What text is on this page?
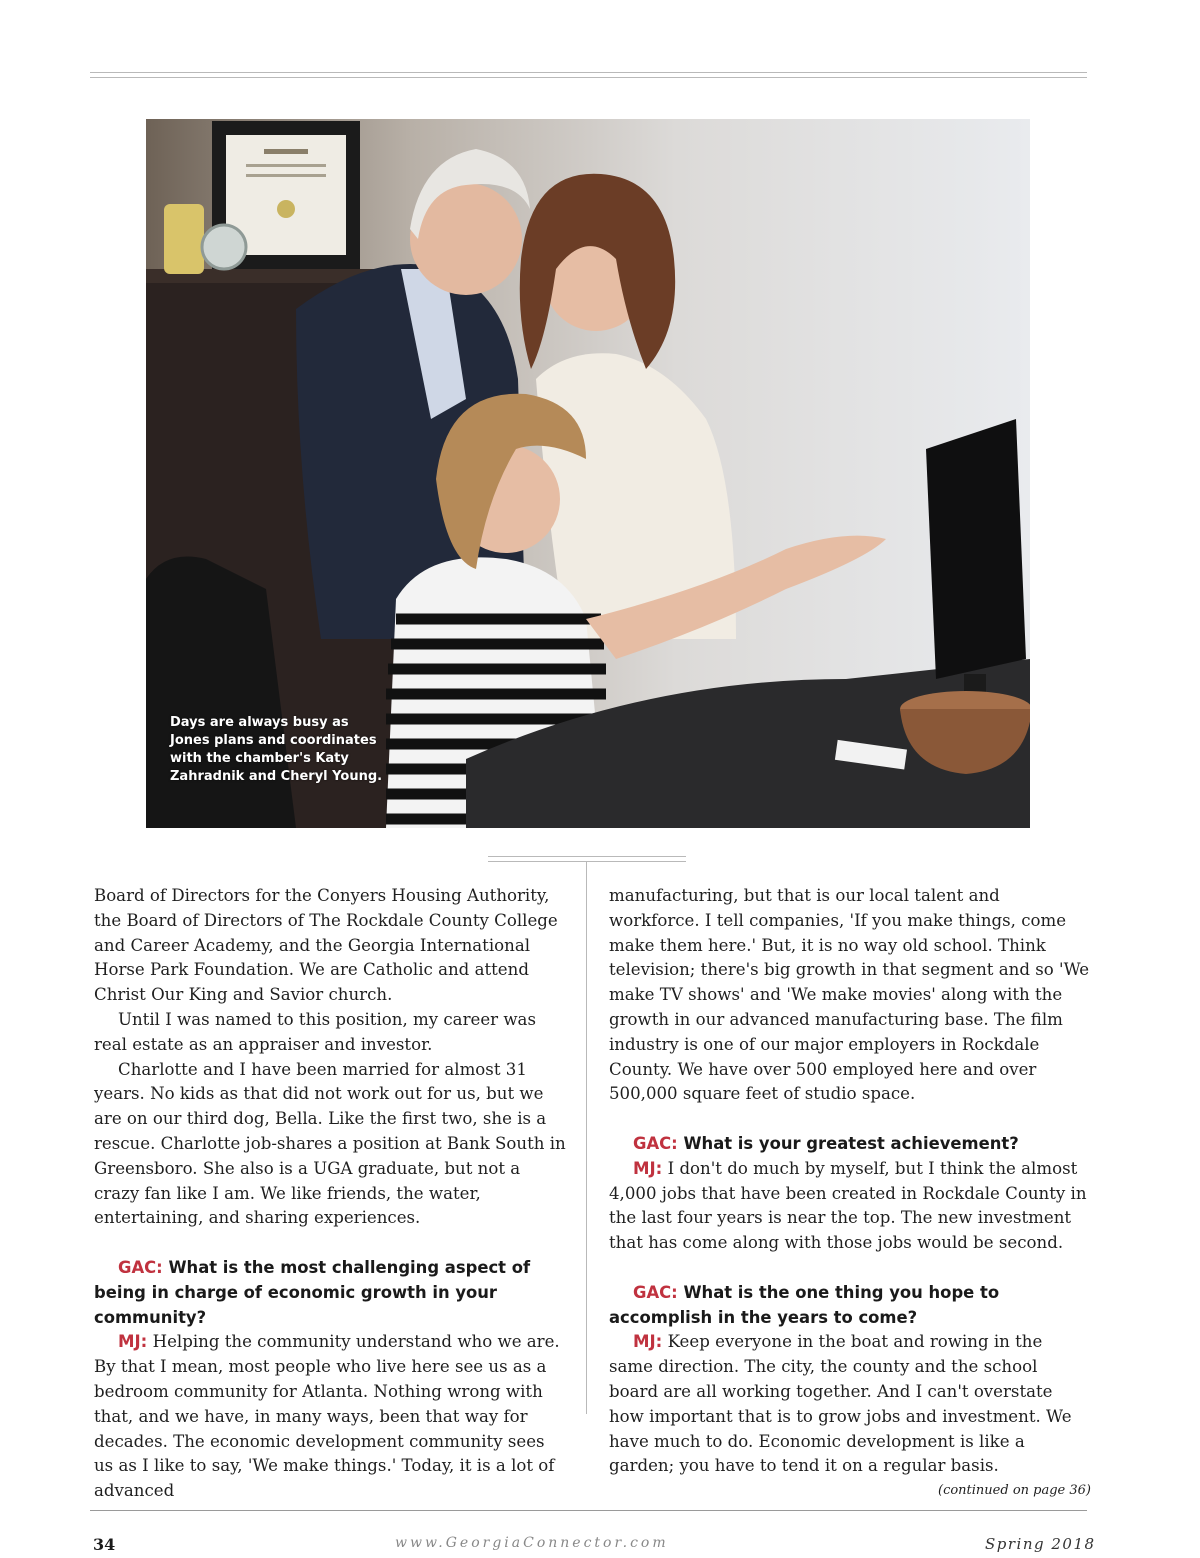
Days are always busy as Jones plans and coordinates with the chamber's Katy Zahradnik and Cheryl Young.

Board of Directors for the Conyers Housing Authority, the Board of Directors of The Rockdale County College and Career Academy, and the Georgia International Horse Park Foundation. We are Catholic and attend Christ Our King and Savior church.

Until I was named to this position, my career was real estate as an appraiser and investor.

Charlotte and I have been married for almost 31 years. No kids as that did not work out for us, but we are on our third dog, Bella. Like the first two, she is a rescue. Charlotte job-shares a position at Bank South in Greensboro. She also is a UGA graduate, but not a crazy fan like I am. We like friends, the water, entertaining, and sharing experiences.

GAC: What is the most challenging aspect of being in charge of economic growth in your community?

MJ: Helping the community understand who we are. By that I mean, most people who live here see us as a bedroom community for Atlanta. Nothing wrong with that, and we have, in many ways, been that way for decades. The economic development community sees us as I like to say, 'We make things.' Today, it is a lot of advanced

manufacturing, but that is our local talent and workforce. I tell companies, 'If you make things, come make them here.' But, it is no way old school. Think television; there's big growth in that segment and so 'We make TV shows' and 'We make movies' along with the growth in our advanced manufacturing base. The film industry is one of our major employers in Rockdale County. We have over 500 employed here and over 500,000 square feet of studio space.

GAC: What is your greatest achievement?

MJ: I don't do much by myself, but I think the almost 4,000 jobs that have been created in Rockdale County in the last four years is near the top. The new investment that has come along with those jobs would be second.

GAC: What is the one thing you hope to accomplish in the years to come?

MJ: Keep everyone in the boat and rowing in the same direction. The city, the county and the school board are all working together. And I can't overstate how important that is to grow jobs and investment. We have much to do. Economic development is like a garden; you have to tend it on a regular basis.
(continued on page 36)

34	www.GeorgiaConnector.com	Spring 2018
